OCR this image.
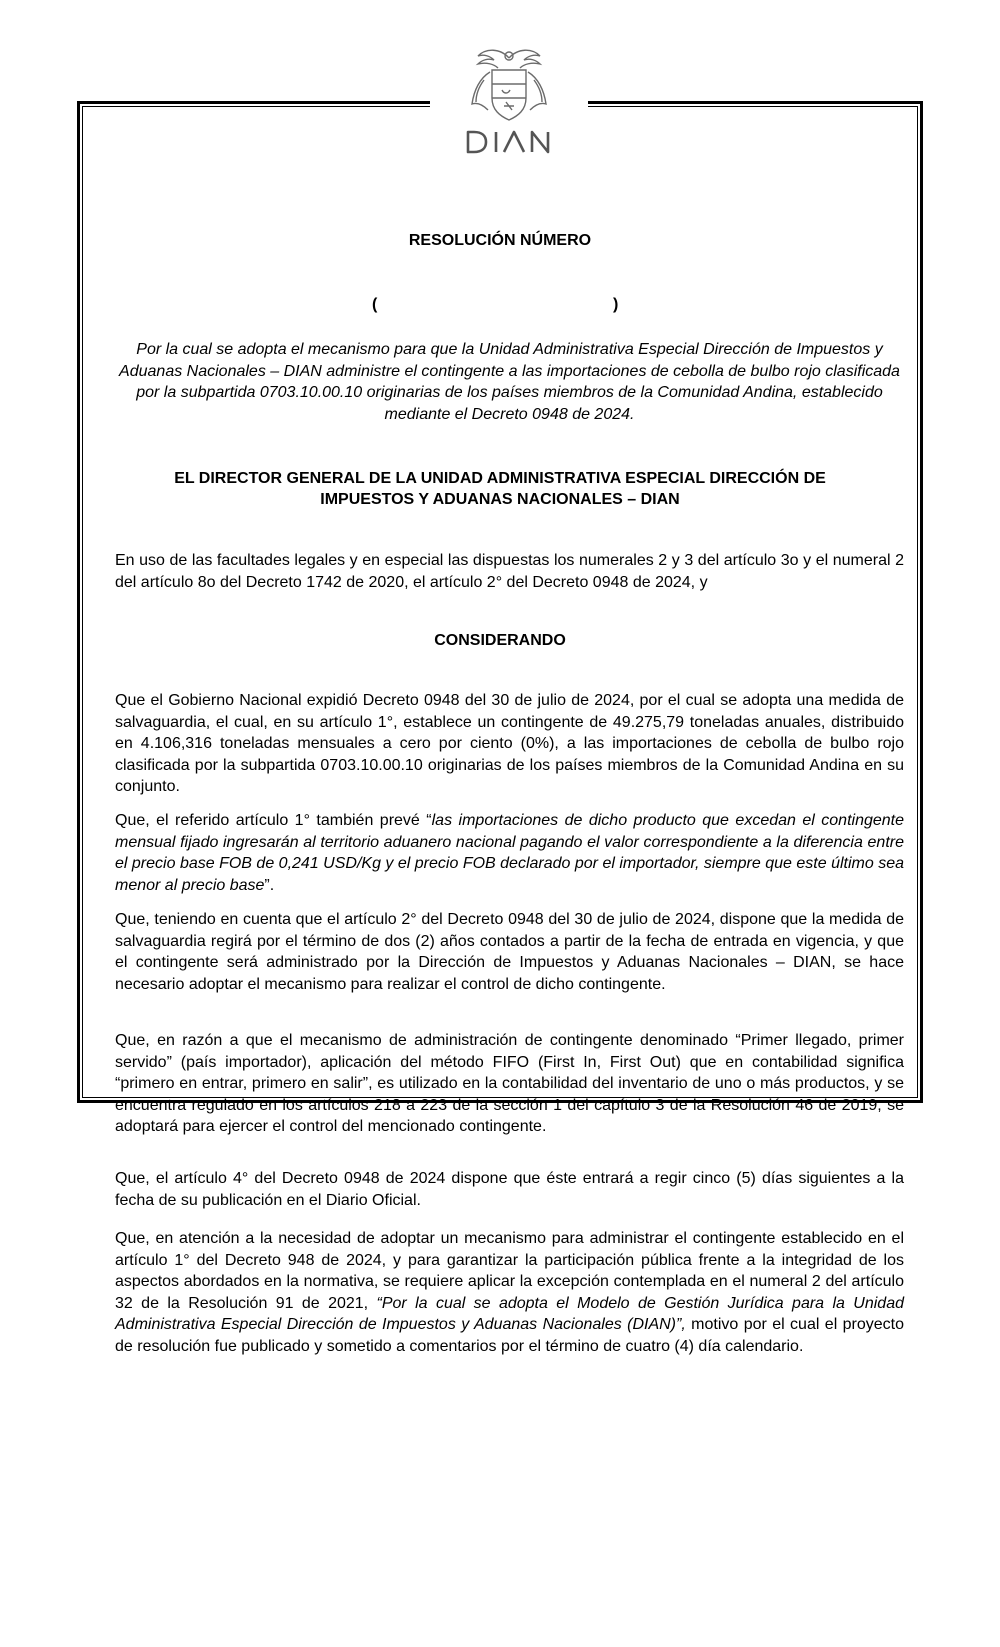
RESOLUCIÓN NÚMERO
(	)

Por la cual se adopta el mecanismo para que la Unidad Administrativa Especial Dirección de Impuestos y Aduanas Nacionales – DIAN administre el contingente a las importaciones de cebolla de bulbo rojo clasificada por la subpartida 0703.10.00.10 originarias de los países miembros de la Comunidad Andina, establecido mediante el Decreto 0948 de 2024.

EL DIRECTOR GENERAL DE LA UNIDAD ADMINISTRATIVA ESPECIAL DIRECCIÓN DE IMPUESTOS Y ADUANAS NACIONALES – DIAN

En uso de las facultades legales y en especial las dispuestas los numerales 2 y 3 del artículo 3o y el numeral 2 del artículo 8o del Decreto 1742 de 2020, el artículo 2° del Decreto 0948 de 2024, y

CONSIDERANDO

Que el Gobierno Nacional expidió Decreto 0948 del 30 de julio de 2024, por el cual se adopta una medida de salvaguardia, el cual, en su artículo 1°, establece un contingente de 49.275,79 toneladas anuales, distribuido en 4.106,316 toneladas mensuales a cero por ciento (0%), a las importaciones de cebolla de bulbo rojo clasificada por la subpartida 0703.10.00.10 originarias de los países miembros de la Comunidad Andina en su conjunto.

Que, el referido artículo 1° también prevé “las importaciones de dicho producto que excedan el contingente mensual fijado ingresarán al territorio aduanero nacional pagando el valor correspondiente a la diferencia entre el precio base FOB de 0,241 USD/Kg y el precio FOB declarado por el importador, siempre que este último sea menor al precio base”.

Que, teniendo en cuenta que el artículo 2° del Decreto 0948 del 30 de julio de 2024, dispone que la medida de salvaguardia regirá por el término de dos (2) años contados a partir de la fecha de entrada en vigencia, y que el contingente será administrado por la Dirección de Impuestos y Aduanas Nacionales – DIAN, se hace necesario adoptar el mecanismo para realizar el control de dicho contingente.

Que, en razón a que el mecanismo de administración de contingente denominado “Primer llegado, primer servido” (país importador), aplicación del método FIFO (First In, First Out) que en contabilidad significa “primero en entrar, primero en salir”, es utilizado en la contabilidad del inventario de uno o más productos, y se encuentra regulado en los artículos 218 a 223 de la sección 1 del capítulo 3 de la Resolución 46 de 2019, se adoptará para ejercer el control del mencionado contingente.

Que, el artículo 4° del Decreto 0948 de 2024 dispone que éste entrará a regir cinco (5) días siguientes a la fecha de su publicación en el Diario Oficial.

Que, en atención a la necesidad de adoptar un mecanismo para administrar el contingente establecido en el artículo 1° del Decreto 948 de 2024, y para garantizar la participación pública frente a la integridad de los aspectos abordados en la normativa, se requiere aplicar la excepción contemplada en el numeral 2 del artículo 32 de la Resolución 91 de 2021, “Por la cual se adopta el Modelo de Gestión Jurídica para la Unidad Administrativa Especial Dirección de Impuestos y Aduanas Nacionales (DIAN)”, motivo por el cual el proyecto de resolución fue publicado y sometido a comentarios por el término de cuatro (4) día calendario.
